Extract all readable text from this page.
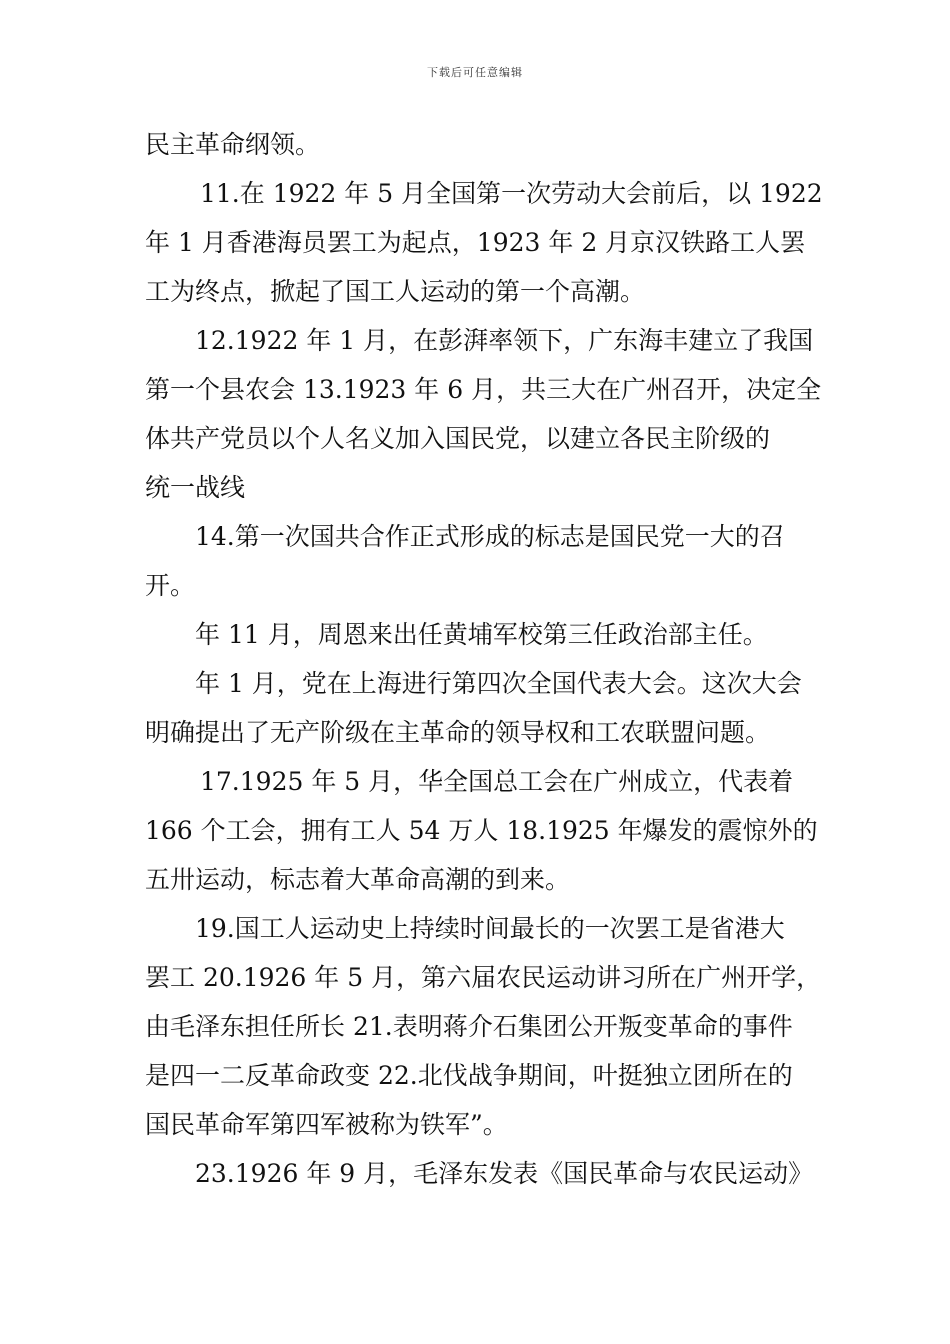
下载后可任意编辑
民主革命纲领。
11.在 1922 年 5 月全国第一次劳动大会前后，以 1922
年 1 月香港海员罢工为起点，1923 年 2 月京汉铁路工人罢
工为终点，掀起了国工人运动的第一个高潮。
12.1922 年 1 月，在彭湃率领下，广东海丰建立了我国
第一个县农会 13.1923 年 6 月，共三大在广州召开，决定全
体共产党员以个人名义加入国民党，以建立各民主阶级的
统一战线
14.第一次国共合作正式形成的标志是国民党一大的召
开。
年 11 月，周恩来出任黄埔军校第三任政治部主任。
年 1 月，党在上海进行第四次全国代表大会。这次大会
明确提出了无产阶级在主革命的领导权和工农联盟问题。
17.1925 年 5 月，华全国总工会在广州成立，代表着
166 个工会，拥有工人 54 万人 18.1925 年爆发的震惊外的
五卅运动，标志着大革命高潮的到来。
19.国工人运动史上持续时间最长的一次罢工是省港大
罢工 20.1926 年 5 月，第六届农民运动讲习所在广州开学，
由毛泽东担任所长 21.表明蒋介石集团公开叛变革命的事件
是四一二反革命政变 22.北伐战争期间，叶挺独立团所在的
国民革命军第四军被称为铁军”。
23.1926 年 9 月，毛泽东发表《国民革命与农民运动》
